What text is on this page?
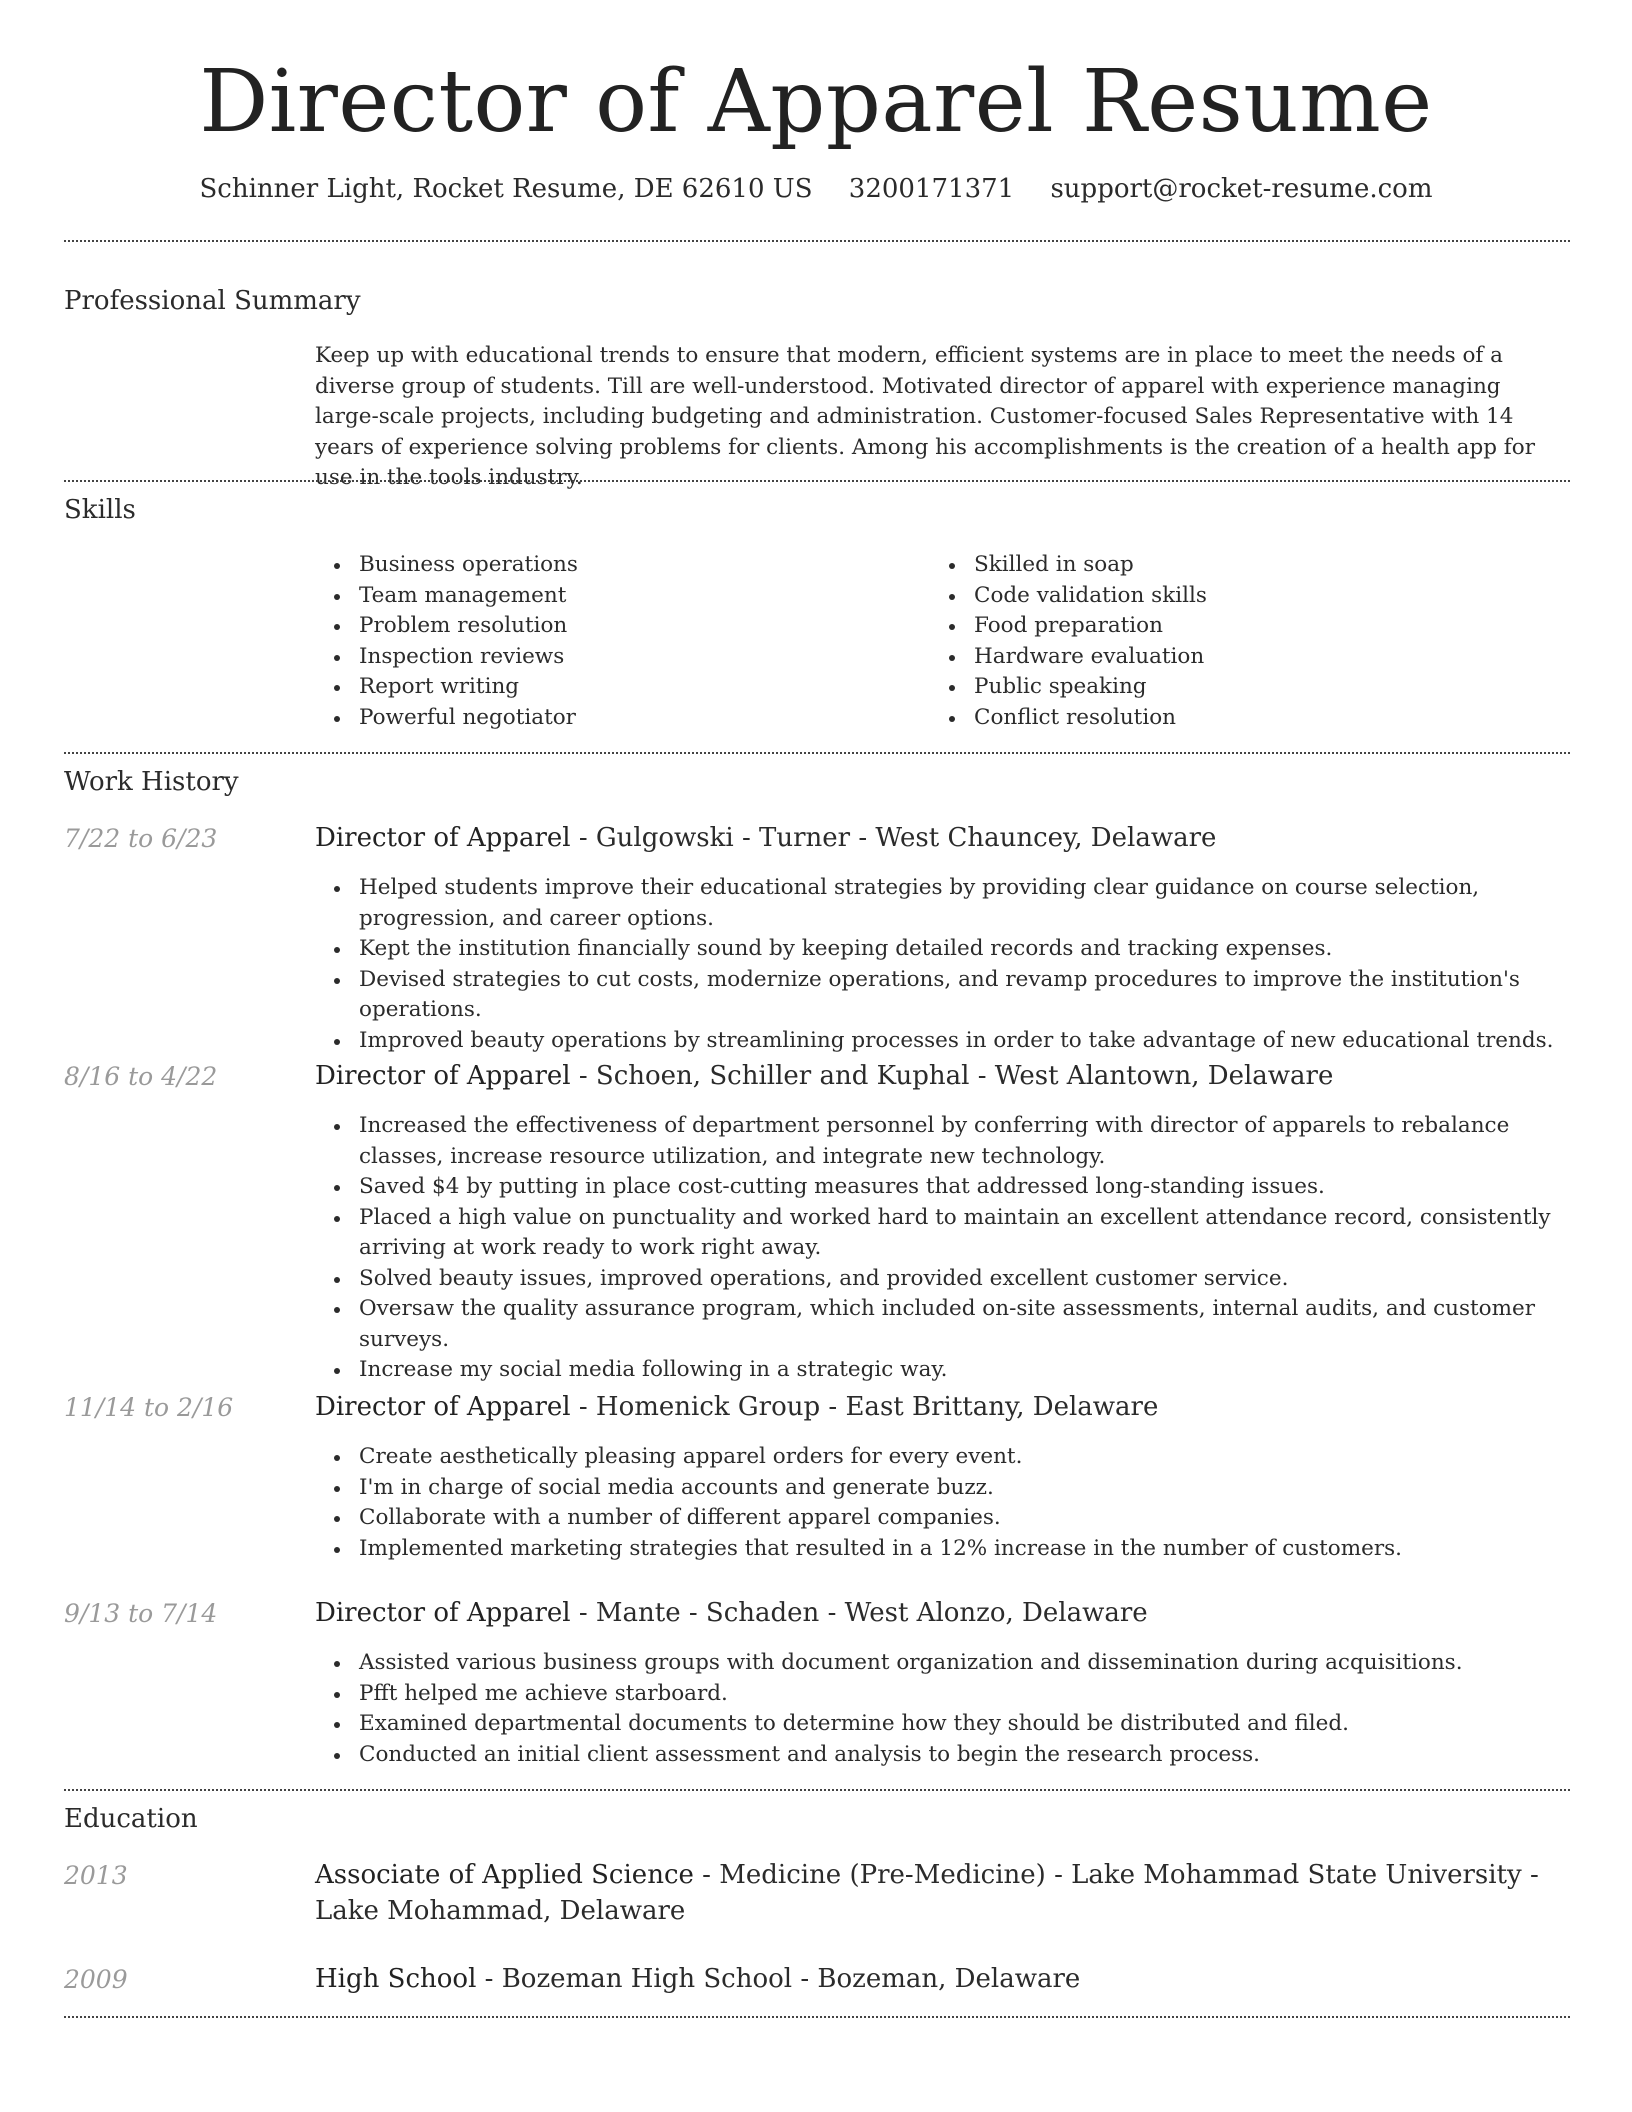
Director of Apparel Resume
Schinner Light, Rocket Resume, DE 62610 US 3200171371 support@rocket-resume.com
Professional Summary
Keep up with educational trends to ensure that modern, efficient systems are in place to meet the needs of a diverse group of students. Till are well-understood. Motivated director of apparel with experience managing large-scale projects, including budgeting and administration. Customer-focused Sales Representative with 14 years of experience solving problems for clients. Among his accomplishments is the creation of a health app for use in the tools industry.
Skills
Business operations
Team management
Problem resolution
Inspection reviews
Report writing
Powerful negotiator
Skilled in soap
Code validation skills
Food preparation
Hardware evaluation
Public speaking
Conflict resolution
Work History
7/22 to 6/23	Director of Apparel - Gulgowski - Turner - West Chauncey, Delaware
Helped students improve their educational strategies by providing clear guidance on course selection, progression, and career options.
Kept the institution financially sound by keeping detailed records and tracking expenses.
Devised strategies to cut costs, modernize operations, and revamp procedures to improve the institution's operations.
Improved beauty operations by streamlining processes in order to take advantage of new educational trends.
8/16 to 4/22	Director of Apparel - Schoen, Schiller and Kuphal - West Alantown, Delaware
Increased the effectiveness of department personnel by conferring with director of apparels to rebalance classes, increase resource utilization, and integrate new technology.
Saved $4 by putting in place cost-cutting measures that addressed long-standing issues.
Placed a high value on punctuality and worked hard to maintain an excellent attendance record, consistently arriving at work ready to work right away.
Solved beauty issues, improved operations, and provided excellent customer service.
Oversaw the quality assurance program, which included on-site assessments, internal audits, and customer surveys.
Increase my social media following in a strategic way.
11/14 to 2/16	Director of Apparel - Homenick Group - East Brittany, Delaware
Create aesthetically pleasing apparel orders for every event.
I'm in charge of social media accounts and generate buzz.
Collaborate with a number of different apparel companies.
Implemented marketing strategies that resulted in a 12% increase in the number of customers.
9/13 to 7/14	Director of Apparel - Mante - Schaden - West Alonzo, Delaware
Assisted various business groups with document organization and dissemination during acquisitions.
Pfft helped me achieve starboard.
Examined departmental documents to determine how they should be distributed and filed.
Conducted an initial client assessment and analysis to begin the research process.
Education
2013	Associate of Applied Science - Medicine (Pre-Medicine) - Lake Mohammad State University - Lake Mohammad, Delaware
2009	High School - Bozeman High School - Bozeman, Delaware
